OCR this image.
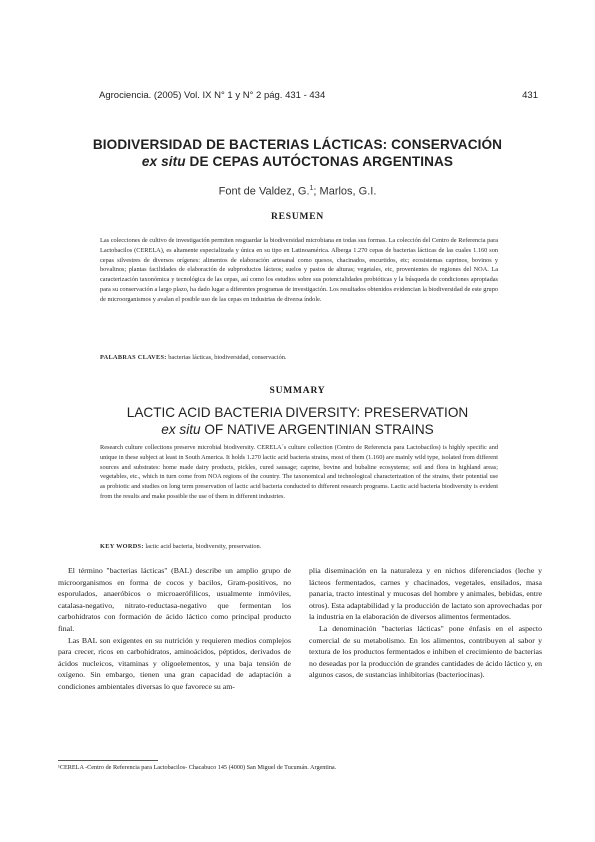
Agrociencia. (2005) Vol. IX N° 1 y N° 2 pág. 431 - 434	431
BIODIVERSIDAD DE BACTERIAS LÁCTICAS: CONSERVACIÓN
ex situ DE CEPAS AUTÓCTONAS ARGENTINAS
Font de Valdez, G.$^1$; Marlos, G.I.
RESUMEN
Las colecciones de cultivo de investigación permiten resguardar la biodiversidad microbiana en todas sus formas. La colección del Centro de Referencia para Lactobacilos (CERELA), es altamente especializada y única en su tipo en Latinoamérica. Alberga 1.270 cepas de bacterias lácticas de las cuales 1.160 son cepas silvestres de diversos orígenes: alimentos de elaboración artesanal como quesos, chacinados, encurtidos, etc; ecosistemas caprinos, bovinos y bovalinos; plantas facilidades de elaboración de subproductos lácteos; suelos y pastos de alturas; vegetales, etc, provenientes de regiones del NOA. La caracterización taxonómica y tecnológica de las cepas, así como los estudios sobre sus potencialidades probióticas y la búsqueda de condiciones apropiadas para su conservación a largo plazo, ha dado lugar a diferentes programas de investigación. Los resultados obtenidos evidencian la biodiversidad de este grupo de microorganismos y avalan el posible uso de las cepas en industrias de diversa índole.
PALABRAS CLAVES: bacterias lácticas, biodiversidad, conservación.
SUMMARY
LACTIC ACID BACTERIA DIVERSITY: PRESERVATION
ex situ OF NATIVE ARGENTINIAN STRAINS
Research culture collections preserve microbial biodiversity. CERELA´s culture collection (Centro de Referencia para Lactobacilos) is highly specific and unique in these subject at least in South America. It holds 1.270 lactic acid bacteria strains, most of them (1.160) are mainly wild type, isolated from different sources and substrates: home made dairy products, pickles, cured sausage; caprine, bovine and bubaline ecosystems; soil and flora in highland areas; vegetables, etc., which in turn come from NOA regions of the country. The taxonomical and technological characterization of the strains, their potential use as probiotic and studies on long term preservation of lactic acid bacteria conducted to different research programs. Lactic acid bacteria biodiversity is evident from the results and make possible the use of them in different industries.
KEY WORDS: lactic acid bacteria, biodiversity, preservation.

El término "bacterias lácticas" (BAL) describe un amplio grupo de microorganismos en forma de cocos y bacilos, Gram-positivos, no esporulados, anaeróbicos o microaerófilicos, usualmente inmóviles, catalasa-negativo, nitrato-reductasa-negativo que fermentan los carbohidratos con formación de ácido láctico como principal producto final.

Las BAL son exigentes en su nutrición y requieren medios complejos para crecer, ricos en carbohidratos, aminoácidos, péptidos, derivados de ácidos nucleicos, vitaminas y oligoelementos, y una baja tensión de oxígeno. Sin embargo, tienen una gran capacidad de adaptación a condiciones ambientales diversas lo que favorece su am-

plia diseminación en la naturaleza y en nichos diferenciados (leche y lácteos fermentados, carnes y chacinados, vegetales, ensilados, masa panaria, tracto intestinal y mucosas del hombre y animales, bebidas, entre otros). Esta adaptabilidad y la producción de lactato son aprovechadas por la industria en la elaboración de diversos alimentos fermentados.

La denominación "bacterias lácticas" pone énfasis en el aspecto comercial de su metabolismo. En los alimentos, contribuyen al sabor y textura de los productos fermentados e inhiben el crecimiento de bacterias no deseadas por la producción de grandes cantidades de ácido láctico y, en algunos casos, de sustancias inhibitorias (bacteriocinas).

¹CERELA -Centro de Referencia para Lactobacilos- Chacabuco 145 (4000) San Miguel de Tucumán. Argentina.
